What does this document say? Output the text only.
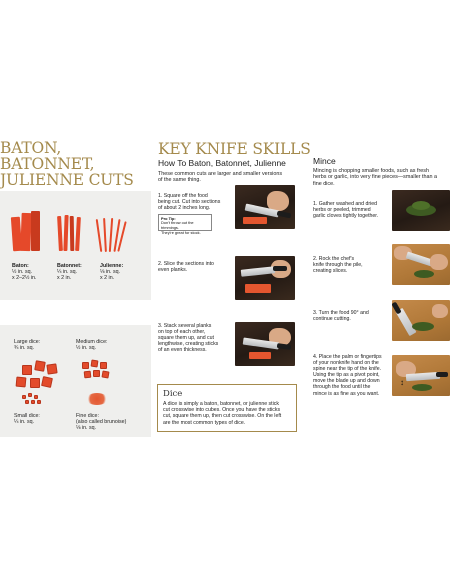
BATON, BATONNET,
JULIENNE CUTS
Baton:
½ in. sq.
x 2–2½ in.
Batonnet:
¼ in. sq.
x 2 in.
Julienne:
⅛ in. sq.
x 2 in.
Large dice:
¾ in. sq.
Medium dice:
½ in. sq.
Small dice:
¼ in. sq.
Fine dice:
(also called brunoise)
⅛ in. sq.
KEY KNIFE SKILLS
How To Baton, Batonnet, Julienne
These common cuts are larger and smaller versions
of the same thing.
1. Square off the food
being cut. Cut into sections
of about 2 inches long.
Pro Tip:
Don't throw out the trimmings.
They're great for stock.
2. Slice the sections into
even planks.
3. Stack several planks
on top of each other,
square them up, and cut
lengthwise, creating sticks
of an even thickness.
Dice
A dice is simply a baton, batonnet, or julienne stick
cut crosswise into cubes. Once you have the sticks
cut, square them up, then cut crosswise. On the left
are the most common types of dice.
Mince
Mincing is chopping smaller foods, such as fresh
herbs or garlic, into very fine pieces—smaller than a
fine dice.
1. Gather washed and dried
herbs or peeled, trimmed
garlic cloves tightly together.
2. Rock the chef's
knife through the pile,
creating slices.
3. Turn the food 90° and
continue cutting.
4. Place the palm or fingertips
of your nonknife hand on the
spine near the tip of the knife.
Using the tip as a pivot point,
move the blade up and down
through the food until the
mince is as fine as you want.
↕
